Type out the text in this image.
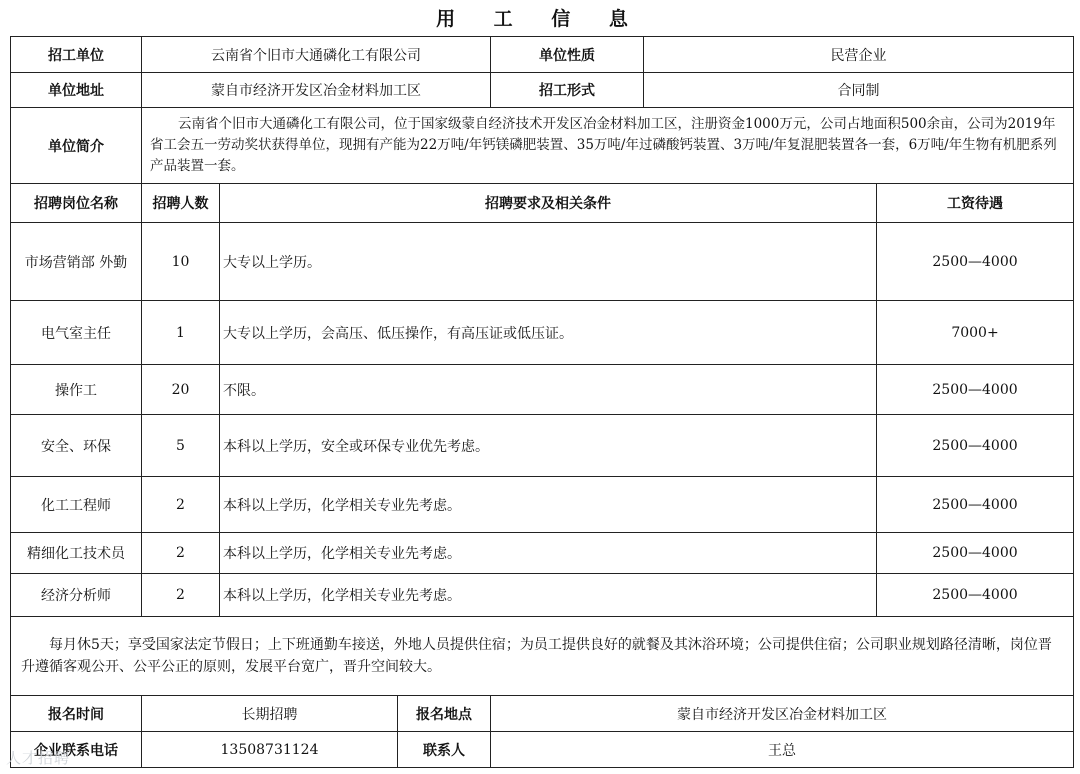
用 工 信 息
招工单位	云南省个旧市大通磷化工有限公司			单位性质	民营企业	
单位地址	蒙自市经济开发区冶金材料加工区			招工形式	合同制	
单位简介	云南省个旧市大通磷化工有限公司，位于国家级蒙自经济技术开发区冶金材料加工区，注册资金1000万元，公司占地面积500余亩，公司为2019年省工会五一劳动奖状获得单位，现拥有产能为22万吨/年钙镁磷肥装置、35万吨/年过磷酸钙装置、3万吨/年复混肥装置各一套，6万吨/年生物有机肥系列产品装置一套。					
招聘岗位名称	招聘人数	招聘要求及相关条件				工资待遇
市场营销部 外勤	10	大专以上学历。				2500—4000
电气室主任	1	大专以上学历，会高压、低压操作，有高压证或低压证。				7000+
操作工	20	不限。				2500—4000
安全、环保	5	本科以上学历，安全或环保专业优先考虑。				2500—4000
化工工程师	2	本科以上学历，化学相关专业先考虑。				2500—4000
精细化工技术员	2	本科以上学历，化学相关专业先考虑。				2500—4000
经济分析师	2	本科以上学历，化学相关专业先考虑。				2500—4000
每月休5天；享受国家法定节假日；上下班通勤车接送，外地人员提供住宿；为员工提供良好的就餐及其沐浴环境；公司提供住宿；公司职业规划路径清晰，岗位晋升遵循客观公开、公平公正的原则，发展平台宽广，晋升空间较大。						
报名时间	长期招聘		报名地点	蒙自市经济开发区冶金材料加工区		
企业联系电话	13508731124		联系人	王总		
人才招聘
